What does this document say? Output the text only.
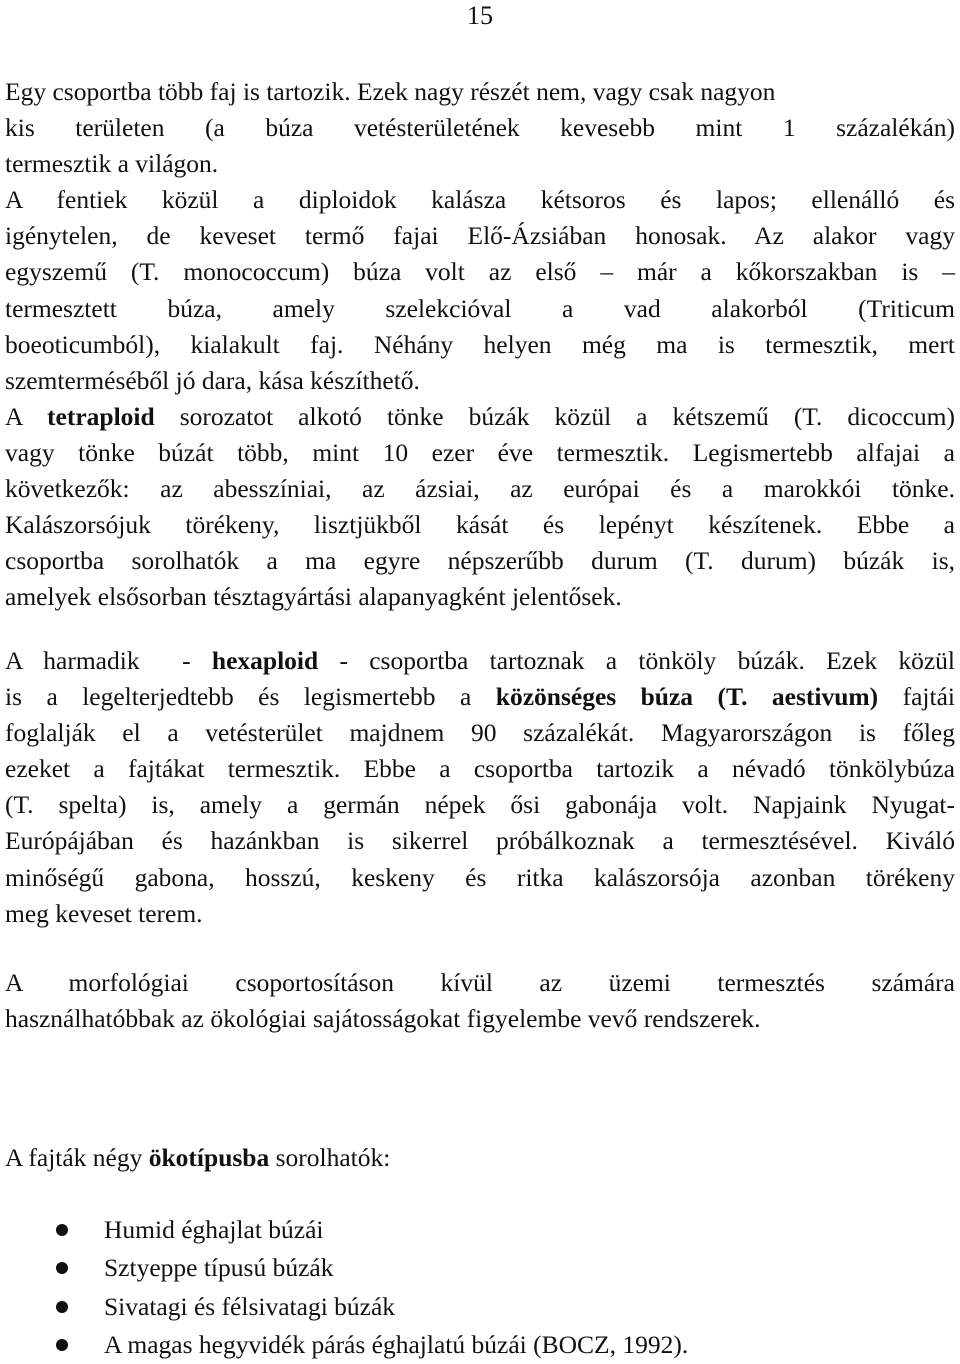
15
Egy csoportba több faj is tartozik. Ezek nagy részét nem, vagy csak nagyon
kis területen (a búza vetésterületének kevesebb mint 1 százalékán)
termesztik a világon.
A fentiek közül a diploidok kalásza kétsoros és lapos; ellenálló és
igénytelen, de keveset termő fajai Elő-Ázsiában honosak. Az alakor vagy
egyszemű (T. monococcum) búza volt az első – már a kőkorszakban is –
termesztett búza, amely szelekcióval a vad alakorból (Triticum
boeoticumból), kialakult faj. Néhány helyen még ma is termesztik, mert
szemterméséből jó dara, kása készíthető.
A tetraploid sorozatot alkotó tönke búzák közül a kétszemű (T. dicoccum)
vagy tönke búzát több, mint 10 ezer éve termesztik. Legismertebb alfajai a
következők: az abesszíniai, az ázsiai, az európai és a marokkói tönke.
Kalászorsójuk törékeny, lisztjükből kását és lepényt készítenek. Ebbe a
csoportba sorolhatók a ma egyre népszerűbb durum (T. durum) búzák is,
amelyek elsősorban tésztagyártási alapanyagként jelentősek.
A harmadik  - hexaploid - csoportba tartoznak a tönköly búzák. Ezek közül
is a legelterjedtebb és legismertebb a közönséges búza (T. aestivum) fajtái
foglalják el a vetésterület majdnem 90 százalékát. Magyarországon is főleg
ezeket a fajtákat termesztik. Ebbe a csoportba tartozik a névadó tönkölybúza
(T. spelta) is, amely a germán népek ősi gabonája volt. Napjaink Nyugat-
Európájában és hazánkban is sikerrel próbálkoznak a termesztésével. Kiváló
minőségű gabona, hosszú, keskeny és ritka kalászorsója azonban törékeny
meg keveset terem.
A morfológiai csoportosításon kívül az üzemi termesztés számára
használhatóbbak az ökológiai sajátosságokat figyelembe vevő rendszerek.
A fajták négy ökotípusba sorolhatók:
Humid éghajlat búzái
Sztyeppe típusú búzák
Sivatagi és félsivatagi búzák
A magas hegyvidék párás éghajlatú búzái (BOCZ, 1992).
